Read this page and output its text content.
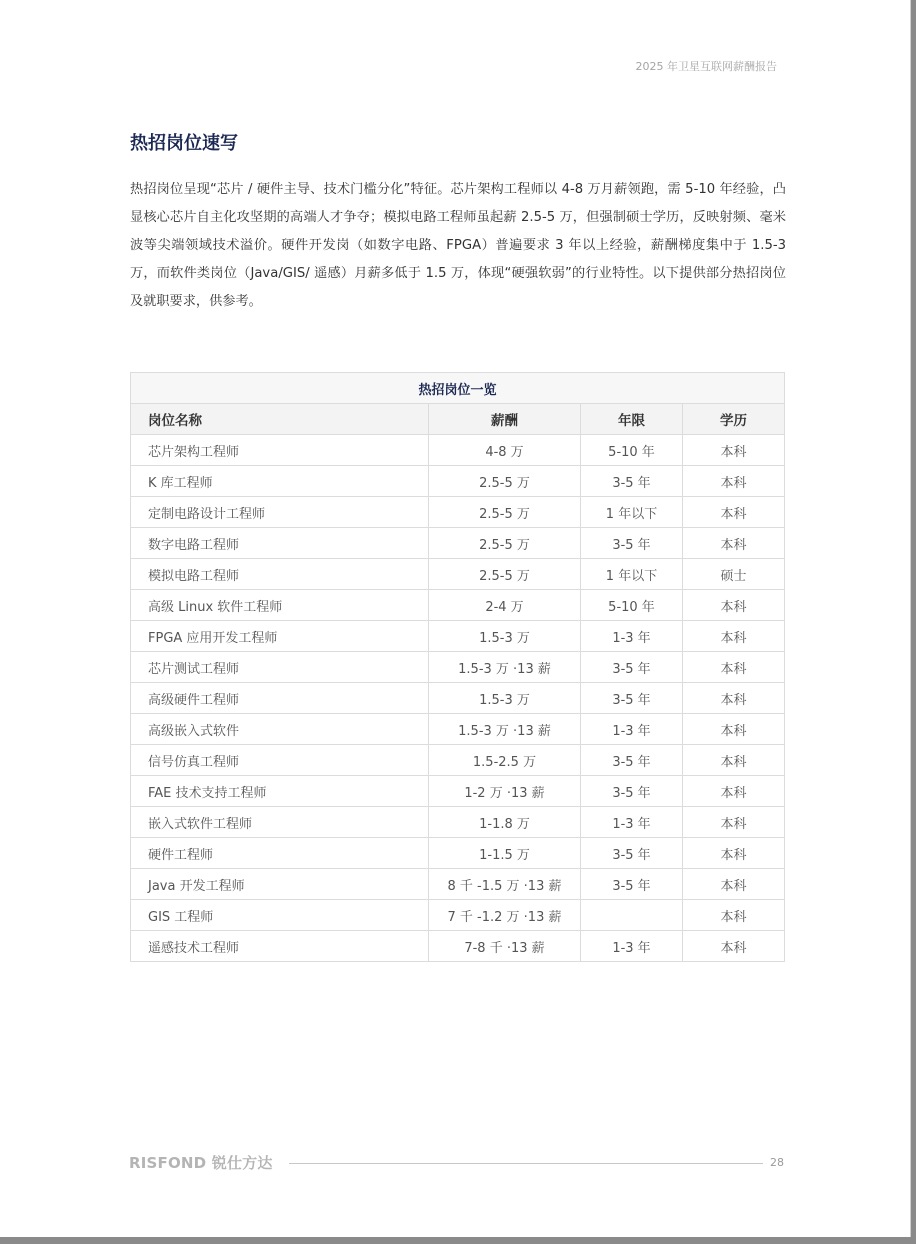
2025 年卫星互联网薪酬报告
热招岗位速写
热招岗位呈现“芯片 / 硬件主导、技术门槛分化”特征。芯片架构工程师以 4-8 万月薪领跑，需 5-10 年经验，凸显核心芯片自主化攻坚期的高端人才争夺；模拟电路工程师虽起薪 2.5-5 万，但强制硕士学历，反映射频、毫米波等尖端领域技术溢价。硬件开发岗（如数字电路、FPGA）普遍要求 3 年以上经验，薪酬梯度集中于 1.5-3 万，而软件类岗位（Java/GIS/ 遥感）月薪多低于 1.5 万，体现“硬强软弱”的行业特性。以下提供部分热招岗位及就职要求，供参考。
热招岗位一览			
岗位名称	薪酬	年限	学历
芯片架构工程师	4-8 万	5-10 年	本科
K 库工程师	2.5-5 万	3-5 年	本科
定制电路设计工程师	2.5-5 万	1 年以下	本科
数字电路工程师	2.5-5 万	3-5 年	本科
模拟电路工程师	2.5-5 万	1 年以下	硕士
高级 Linux 软件工程师	2-4 万	5-10 年	本科
FPGA 应用开发工程师	1.5-3 万	1-3 年	本科
芯片测试工程师	1.5-3 万 ·13 薪	3-5 年	本科
高级硬件工程师	1.5-3 万	3-5 年	本科
高级嵌入式软件	1.5-3 万 ·13 薪	1-3 年	本科
信号仿真工程师	1.5-2.5 万	3-5 年	本科
FAE 技术支持工程师	1-2 万 ·13 薪	3-5 年	本科
嵌入式软件工程师	1-1.8 万	1-3 年	本科
硬件工程师	1-1.5 万	3-5 年	本科
Java 开发工程师	8 千 -1.5 万 ·13 薪	3-5 年	本科
GIS 工程师	7 千 -1.2 万 ·13 薪		本科
遥感技术工程师	7-8 千 ·13 薪	1-3 年	本科
RISFOND 锐仕方达	28
